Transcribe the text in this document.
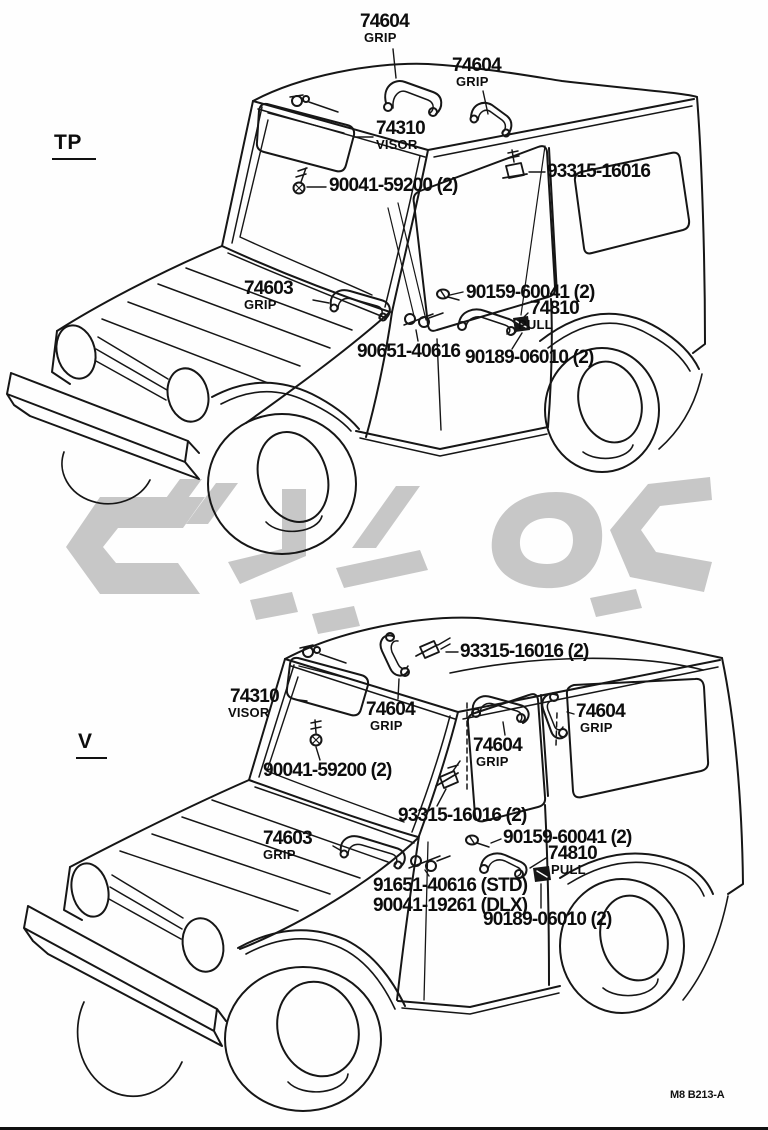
TP
74604
GRIP
74604
GRIP
74310
VISOR
90041-59200 (2)
93315-16016
74603
GRIP
90159-60041 (2)
74810
PULL
90651-40616 90189-06010 (2)
V
93315-16016 (2)
74310
VISOR	74604
GRIP
74604
GRIP
74604
GRIP
90041-59200 (2)
93315-16016 (2)
74603
GRIP
90159-60041 (2)
74810
PULL
91651-40616 (STD)
90041-19261 (DLX)
90189-06010 (2)
M8 B213-A
